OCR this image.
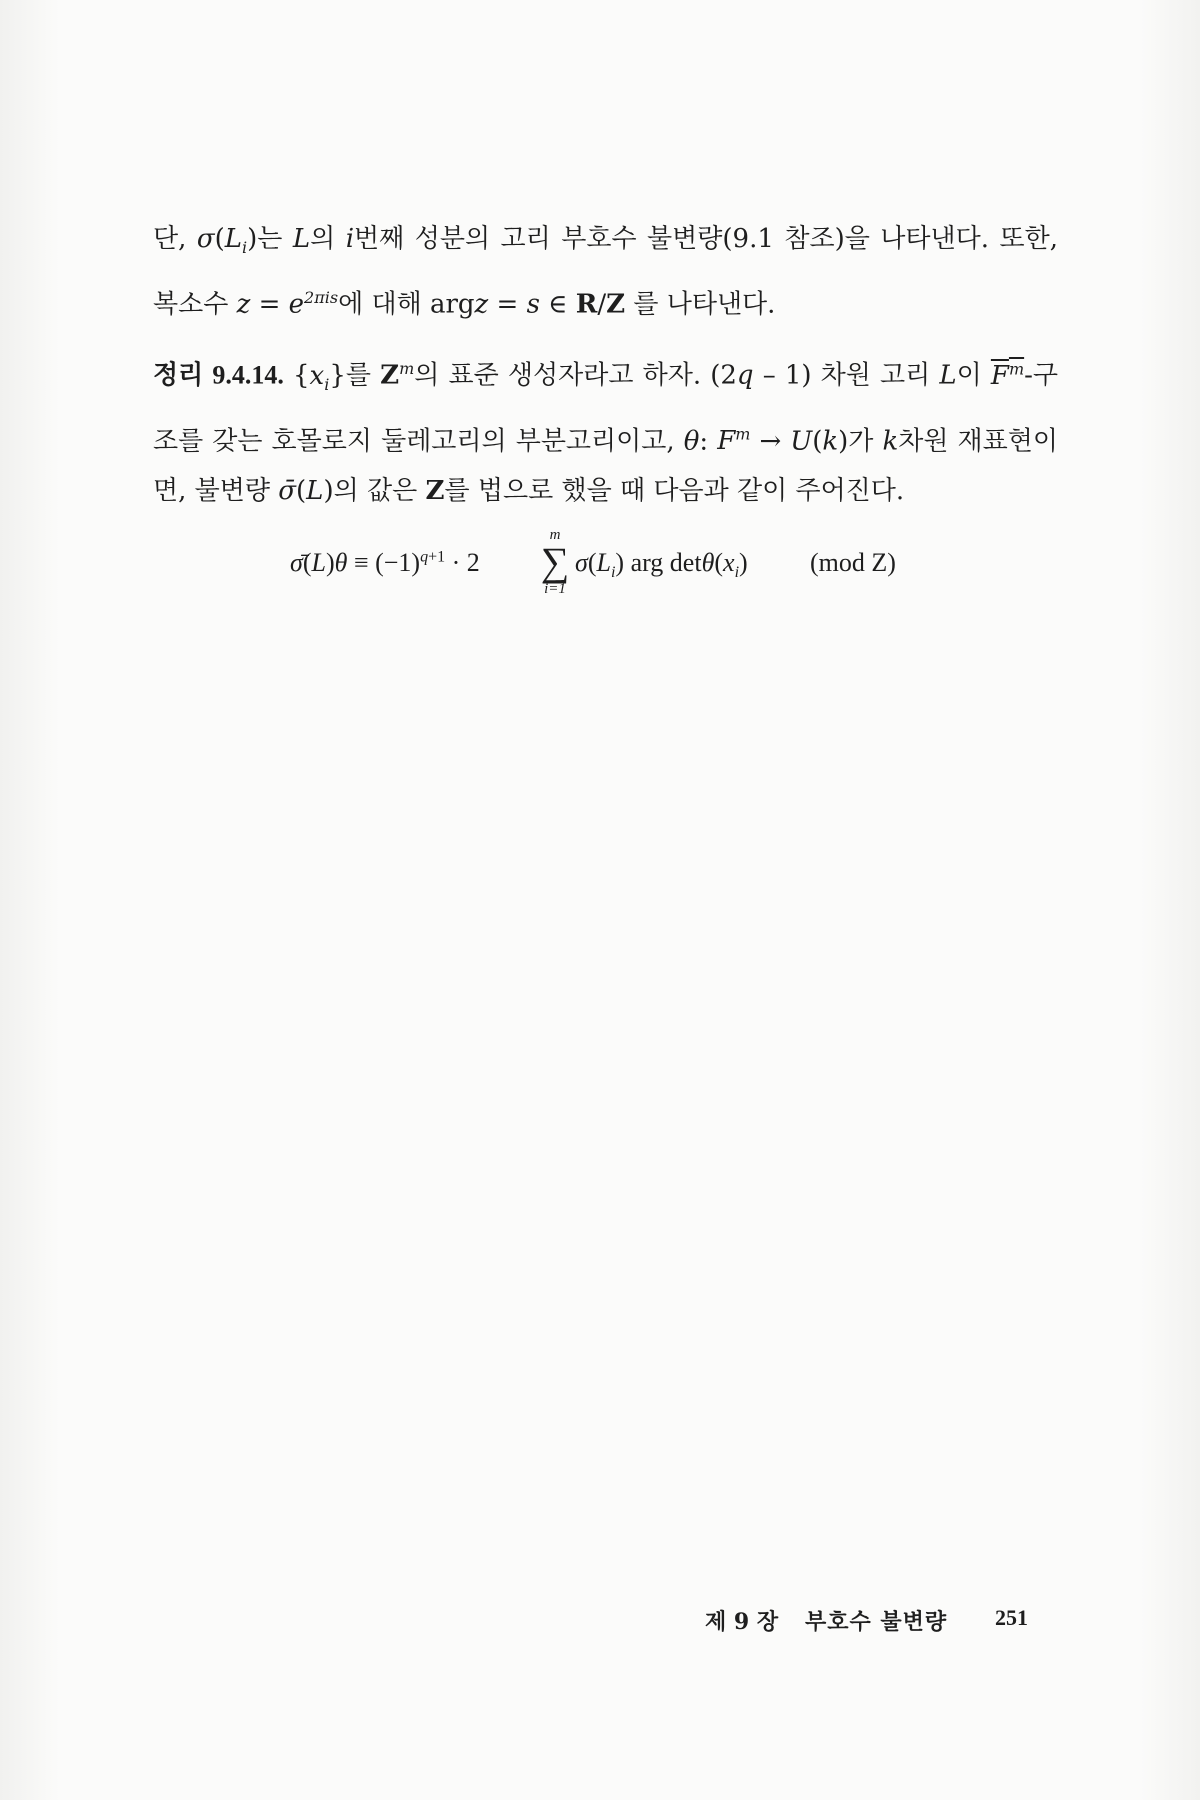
단, $\sigma(L_i)$는 L의 i번째 성분의 고리 부호수 불변량(9.1 참조)을 나타낸다. 또한, 복소수 $z = e^{2\pi is}$에 대해 argz = s ∈ R/Z 를 나타낸다.

정리 9.4.14. $\{x_i\}$를 $Z^m$의 표준 생성자라고 하자. (2q – 1) 차원 고리 L이 $F^m-$구조를 갖는 호몰로지 둘레고리의 부분고리이고, θ: $F^m \to U(k)$가 k차원 재표현이면, 불변량 σ̄(L)의 값은 Z를 법으로 했을 때 다음과 같이 주어진다.

σ̄(L)θ ≡ $(-1)^{q+1} \cdot 2$
m
∑
i=1
$\sigma(L_i)$ arg $\det\theta(x_i)$ (mod Z)
제 9 장 부호수 불변량 251
